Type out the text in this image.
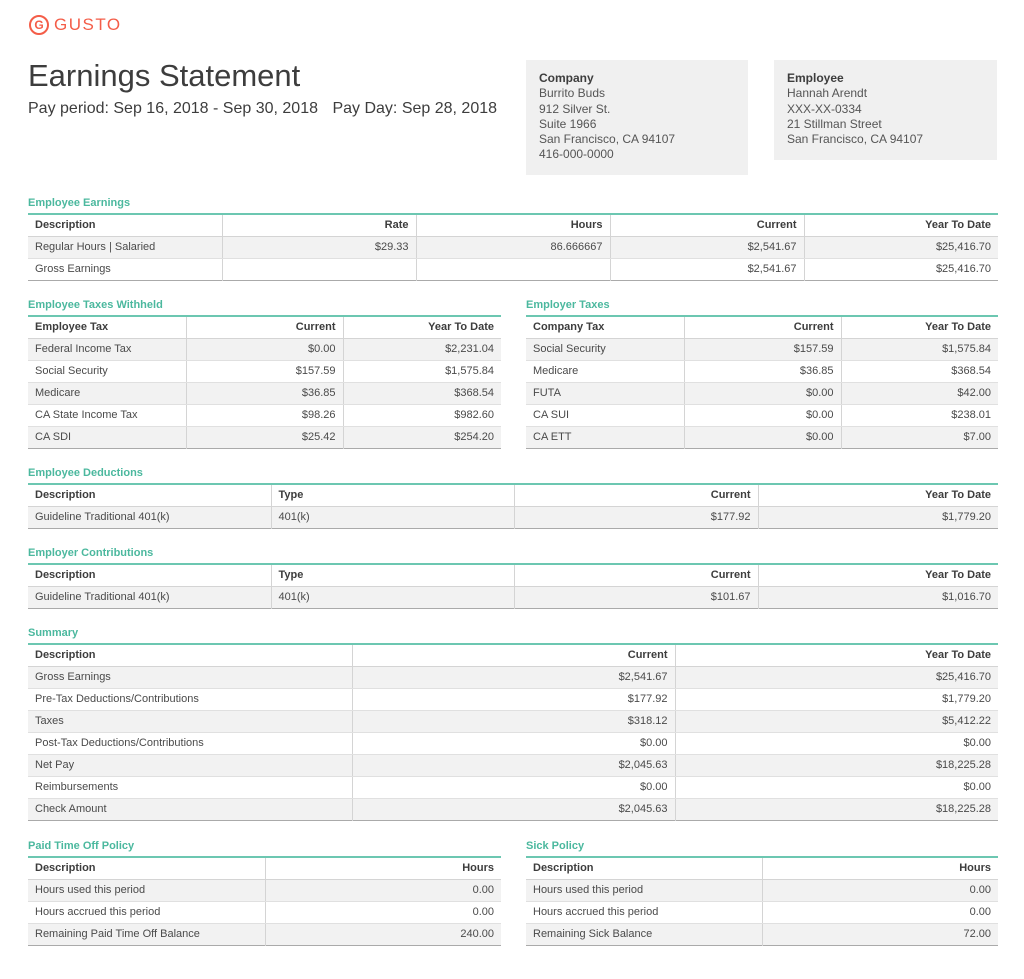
G GUSTO
Earnings Statement
Pay period: Sep 16, 2018 - Sep 30, 2018 Pay Day: Sep 28, 2018
Company
Burrito Buds
912 Silver St.
Suite 1966
San Francisco, CA 94107
416-000-0000
Employee
Hannah Arendt
XXX-XX-0334
21 Stillman Street
San Francisco, CA 94107
Employee Earnings
Description	Rate	Hours	Current	Year To Date
Regular Hours | Salaried	$29.33	86.666667	$2,541.67	$25,416.70
Gross Earnings			$2,541.67	$25,416.70
Employee Taxes Withheld
Employee Tax	Current	Year To Date
Federal Income Tax	$0.00	$2,231.04
Social Security	$157.59	$1,575.84
Medicare	$36.85	$368.54
CA State Income Tax	$98.26	$982.60
CA SDI	$25.42	$254.20
Employer Taxes
Company Tax	Current	Year To Date
Social Security	$157.59	$1,575.84
Medicare	$36.85	$368.54
FUTA	$0.00	$42.00
CA SUI	$0.00	$238.01
CA ETT	$0.00	$7.00
Employee Deductions
Description	Type	Current	Year To Date
Guideline Traditional 401(k)	401(k)	$177.92	$1,779.20
Employer Contributions
Description	Type	Current	Year To Date
Guideline Traditional 401(k)	401(k)	$101.67	$1,016.70
Summary
Description	Current	Year To Date
Gross Earnings	$2,541.67	$25,416.70
Pre-Tax Deductions/Contributions	$177.92	$1,779.20
Taxes	$318.12	$5,412.22
Post-Tax Deductions/Contributions	$0.00	$0.00
Net Pay	$2,045.63	$18,225.28
Reimbursements	$0.00	$0.00
Check Amount	$2,045.63	$18,225.28
Paid Time Off Policy
Description	Hours
Hours used this period	0.00
Hours accrued this period	0.00
Remaining Paid Time Off Balance	240.00
Sick Policy
Description	Hours
Hours used this period	0.00
Hours accrued this period	0.00
Remaining Sick Balance	72.00
